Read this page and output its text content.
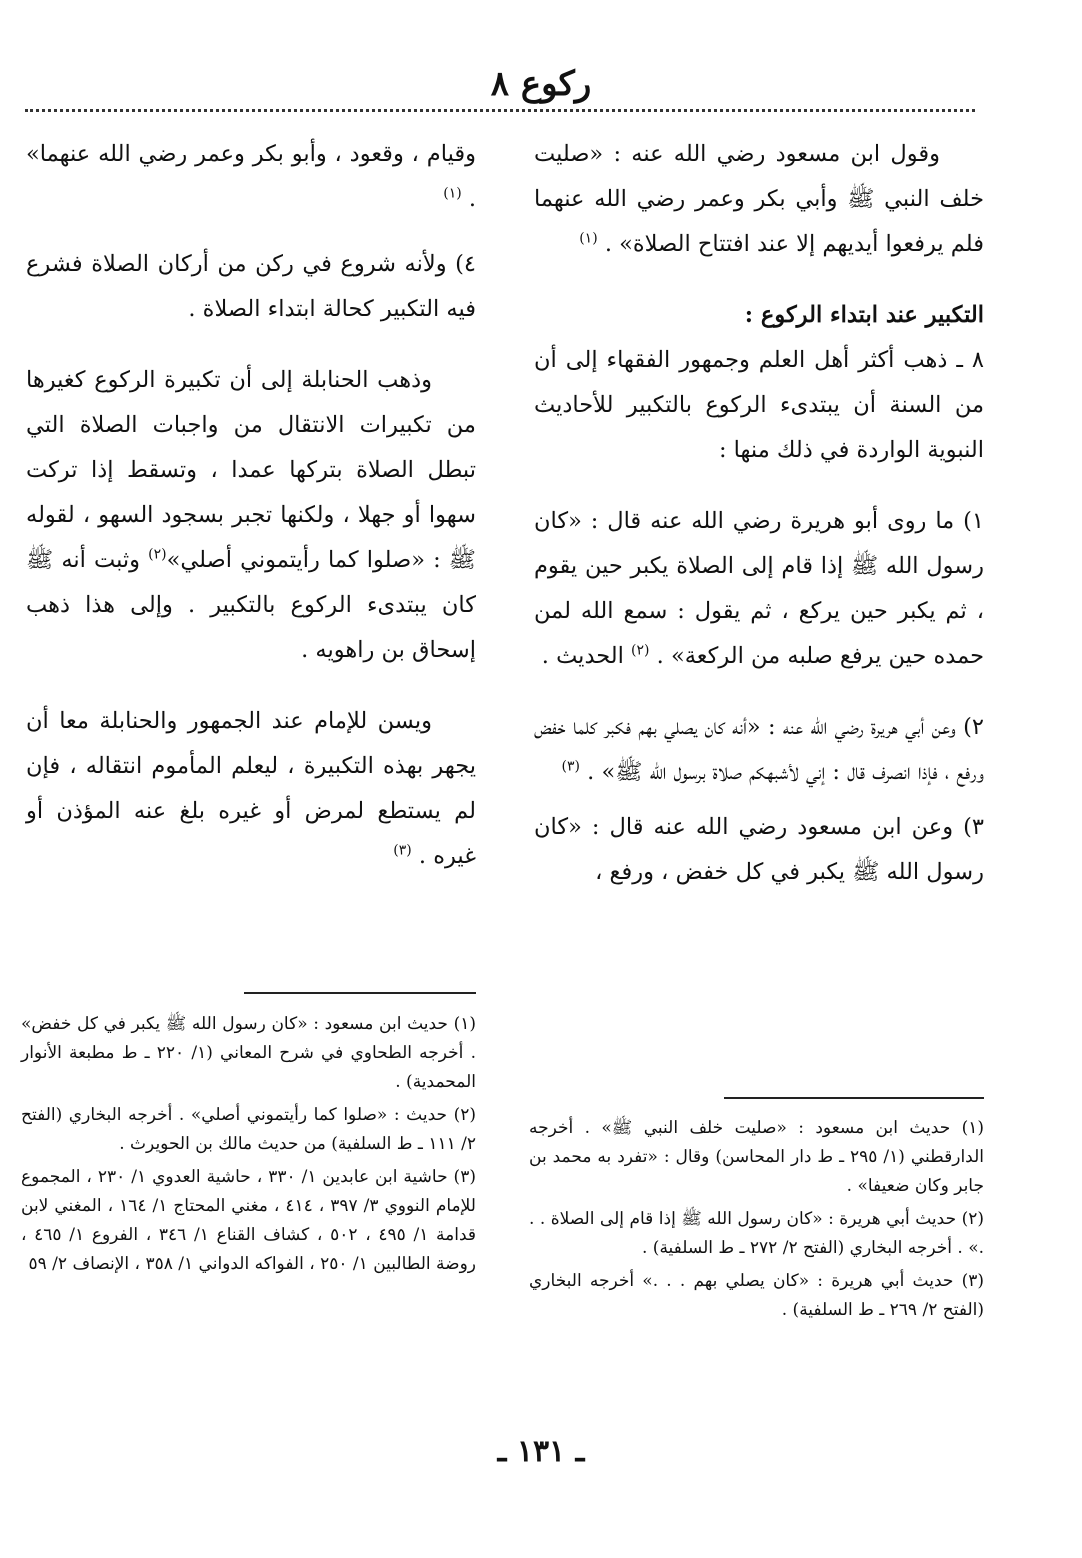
ركوع ٨

وقول ابن مسعود رضي الله عنه : «صليت خلف النبي ﷺ وأبي بكر وعمر رضي الله عنهما فلم يرفعوا أيديهم إلا عند افتتاح الصلاة» . $^{(١)}$

التكبير عند ابتداء الركوع :

٨ ـ ذهب أكثر أهل العلم وجمهور الفقهاء إلى أن من السنة أن يبتدىء الركوع بالتكبير للأحاديث النبوية الواردة في ذلك منها :

١) ما روى أبو هريرة رضي الله عنه قال : «كان رسول الله ﷺ إذا قام إلى الصلاة يكبر حين يقوم ، ثم يكبر حين يركع ، ثم يقول : سمع الله لمن حمده حين يرفع صلبه من الركعة» . $^{(٢)}$ الحديث .

٢) وعن أبي هريرة رضي الله عنه : «أنه كان يصلي بهم فكبر كلما خفض ورفع ، فإذا انصرف قال : إني لأشبهكم صلاة برسول الله ﷺ» . $^{(٣)}$

٣) وعن ابن مسعود رضي الله عنه قال : «كان رسول الله ﷺ يكبر في كل خفض ، ورفع ،

وقيام ، وقعود ، وأبو بكر وعمر رضي الله عنهما» . $^{(١)}$

٤) ولأنه شروع في ركن من أركان الصلاة فشرع فيه التكبير كحالة ابتداء الصلاة .

وذهب الحنابلة إلى أن تكبيرة الركوع كغيرها من تكبيرات الانتقال من واجبات الصلاة التي تبطل الصلاة بتركها عمدا ، وتسقط إذا تركت سهوا أو جهلا ، ولكنها تجبر بسجود السهو ، لقوله ﷺ : «صلوا كما رأيتموني أصلي»$^{(٢)}$ وثبت أنه ﷺ كان يبتدىء الركوع بالتكبير . وإلى هذا ذهب إسحاق بن راهويه .

ويسن للإمام عند الجمهور والحنابلة معا أن يجهر بهذه التكبيرة ، ليعلم المأموم انتقاله ، فإن لم يستطع لمرض أو غيره بلغ عنه المؤذن أو غيره . $^{(٣)}$

(١) حديث ابن مسعود : «صليت خلف النبي ﷺ» . أخرجه الدارقطني (١/ ٢٩٥ ـ ط دار المحاسن) وقال : «تفرد به محمد بن جابر وكان ضعيفا» .

(٢) حديث أبي هريرة : «كان رسول الله ﷺ إذا قام إلى الصلاة . . .» . أخرجه البخاري (الفتح ٢/ ٢٧٢ ـ ط السلفية) .

(٣) حديث أبي هريرة : «كان يصلي بهم . . .» أخرجه البخاري (الفتح ٢/ ٢٦٩ ـ ط السلفية) .

(١) حديث ابن مسعود : «كان رسول الله ﷺ يكبر في كل خفض» . أخرجه الطحاوي في شرح المعاني (١/ ٢٢٠ ـ ط مطبعة الأنوار المحمدية) .

(٢) حديث : «صلوا كما رأيتموني أصلي» . أخرجه البخاري (الفتح ٢/ ١١١ ـ ط السلفية) من حديث مالك بن الحويرث .

(٣) حاشية ابن عابدين ١/ ٣٣٠ ، حاشية العدوي ١/ ٢٣٠ ، المجموع للإمام النووي ٣/ ٣٩٧ ، ٤١٤ ، مغني المحتاج ١/ ١٦٤ ، المغني لابن قدامة ١/ ٤٩٥ ، ٥٠٢ ، كشاف القناع ١/ ٣٤٦ ، الفروع ١/ ٤٦٥ ، روضة الطالبين ١/ ٢٥٠ ، الفواكه الدواني ١/ ٣٥٨ ، الإنصاف ٢/ ٥٩

ـ ١٣١ ـ
